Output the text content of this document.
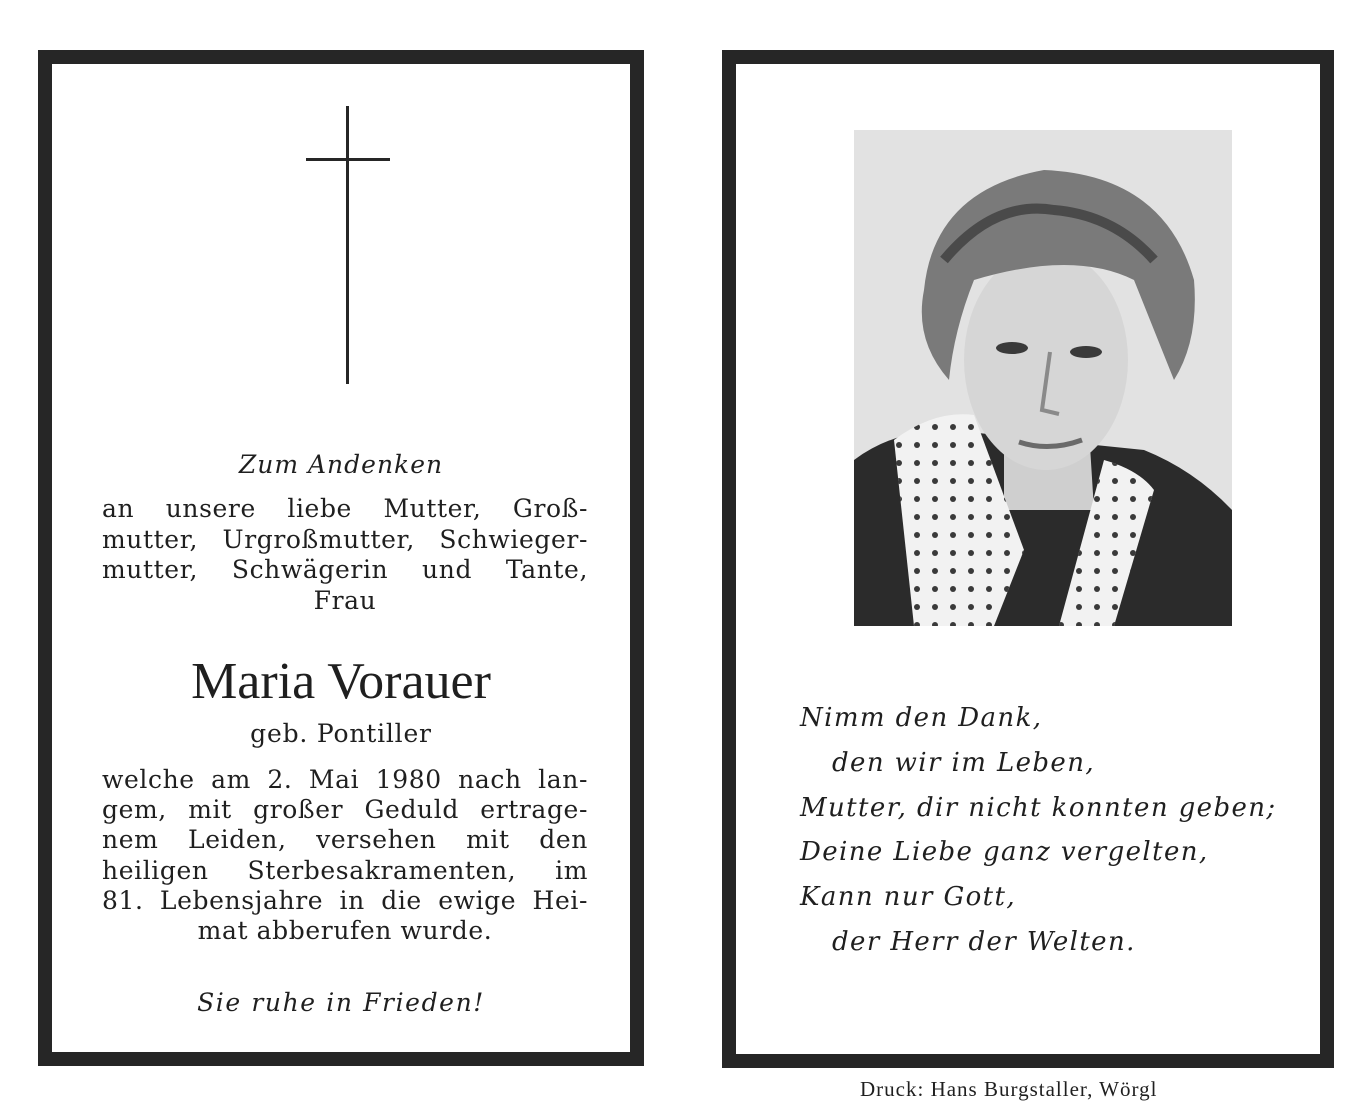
Zum Andenken
an unsere liebe Mutter, Groß-
mutter, Urgroßmutter, Schwieger-
mutter, Schwägerin und Tante,
Frau
Maria Vorauer
geb. Pontiller
welche am 2. Mai 1980 nach lan-
gem, mit großer Geduld ertrage-
nem Leiden, versehen mit den
heiligen Sterbesakramenten, im
81. Lebensjahre in die ewige Hei-
mat abberufen wurde.
Sie ruhe in Frieden!
Nimm den Dank,
den wir im Leben,
Mutter, dir nicht konnten geben;
Deine Liebe ganz vergelten,
Kann nur Gott,
der Herr der Welten.
Druck: Hans Burgstaller, Wörgl
